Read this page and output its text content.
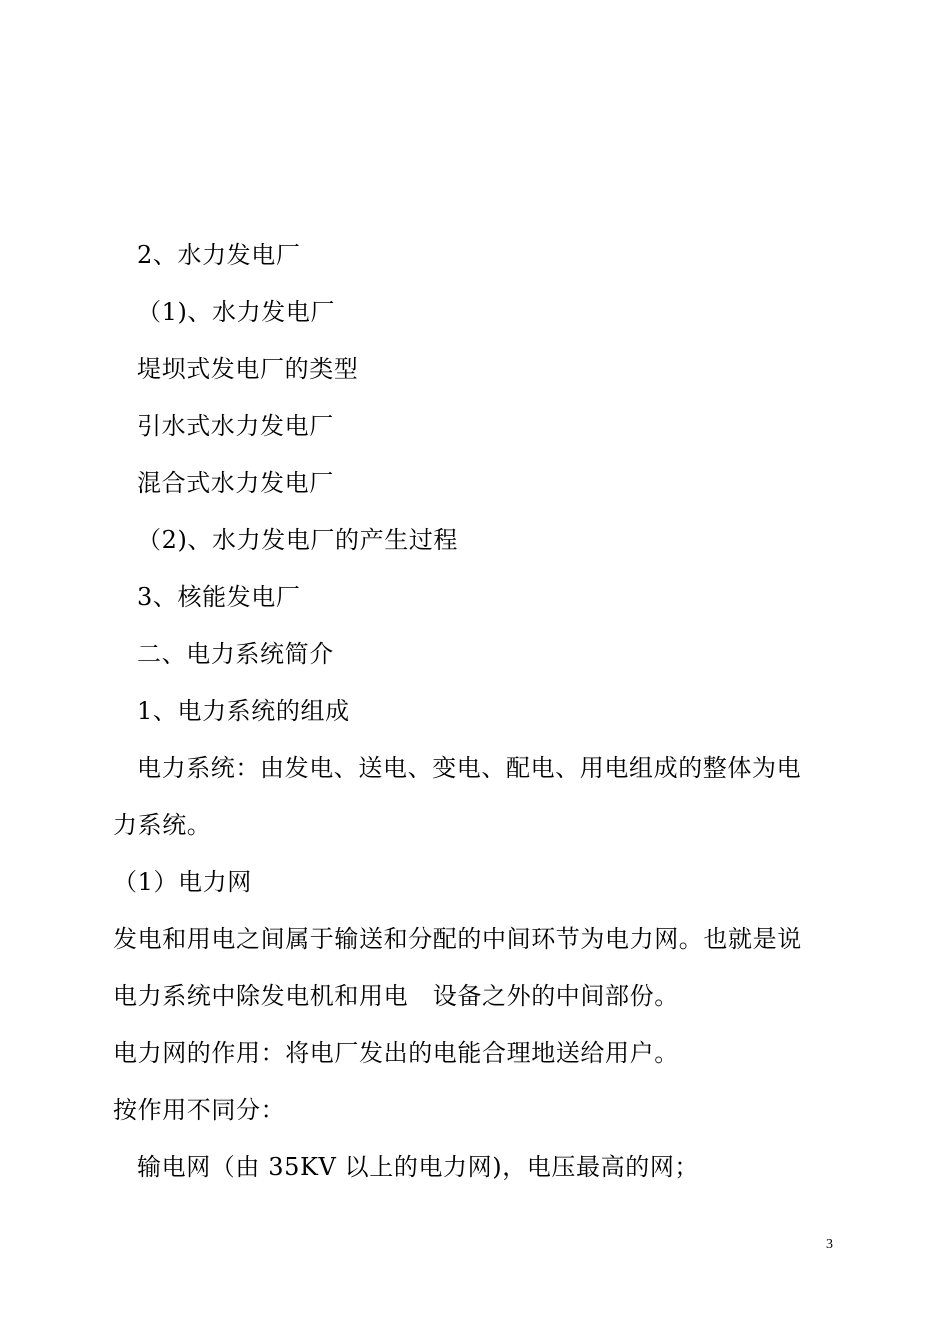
2、水力发电厂
（1)、水力发电厂
堤坝式发电厂的类型
引水式水力发电厂
混合式水力发电厂
（2)、水力发电厂的产生过程
3、核能发电厂
二、电力系统简介
1、电力系统的组成
电力系统：由发电、送电、变电、配电、用电组成的整体为电
力系统。
（1）电力网
发电和用电之间属于输送和分配的中间环节为电力网。也就是说
电力系统中除发电机和用电　设备之外的中间部份。
电力网的作用：将电厂发出的电能合理地送给用户。
按作用不同分：
输电网（由 35KV 以上的电力网)，电压最高的网；
3
